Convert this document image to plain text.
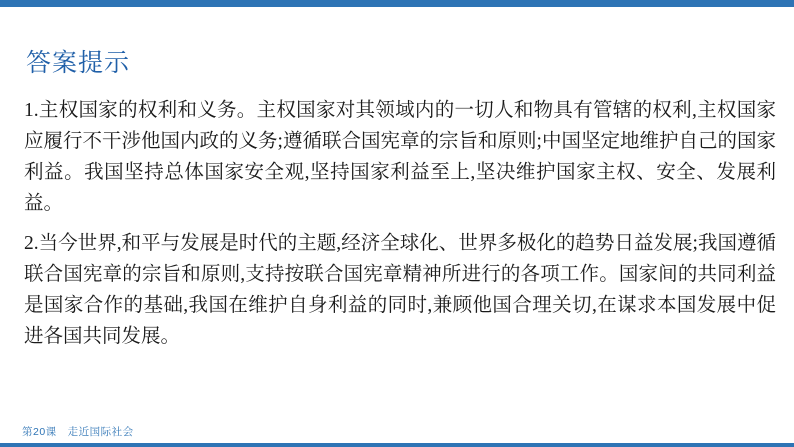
答案提示

1.主权国家的权利和义务。主权国家对其领域内的一切人和物具有管辖的权利,主权国家应履行不干涉他国内政的义务;遵循联合国宪章的宗旨和原则;中国坚定地维护自己的国家利益。我国坚持总体国家安全观,坚持国家利益至上,坚决维护国家主权、安全、发展利益。

2.当今世界,和平与发展是时代的主题,经济全球化、世界多极化的趋势日益发展;我国遵循联合国宪章的宗旨和原则,支持按联合国宪章精神所进行的各项工作。国家间的共同利益是国家合作的基础,我国在维护自身利益的同时,兼顾他国合理关切,在谋求本国发展中促进各国共同发展。

第20课　走近国际社会
